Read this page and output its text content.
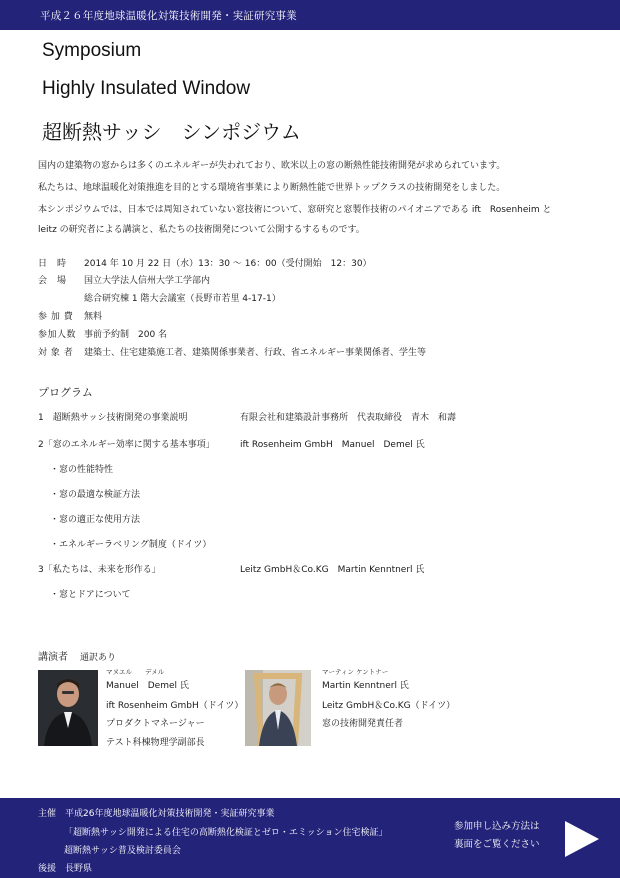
平成２６年度地球温暖化対策技術開発・実証研究事業
Symposium
Highly Insulated Window
超断熱サッシ　シンポジウム
国内の建築物の窓からは多くのエネルギーが失われており、欧米以上の窓の断熱性能技術開発が求められています。
私たちは、地球温暖化対策推進を目的とする環境省事業により断熱性能で世界トップクラスの技術開発をしました。
本シンポジウムでは、日本では周知されていない窓技術について、窓研究と窓製作技術のパイオニアである ift　Rosenheim と
leitz の研究者による講演と、私たちの技術開発について公開するするものです。
日　時 2014 年 10 月 22 日（水）13：30 〜 16：00（受付開始　12：30）
会　場 国立大学法人信州大学工学部内
総合研究棟 1 階大会議室（長野市若里 4-17-1）
参 加 費 無料
参加人数 事前予約制　200 名
対 象 者 建築士、住宅建築施工者、建築関係事業者、行政、省エネルギー事業関係者、学生等
プログラム
1　超断熱サッシ技術開発の事業説明	有限会社和建築設計事務所　代表取締役　青木　和壽
2「窓のエネルギー効率に関する基本事項」	ift Rosenheim GmbH　Manuel　Demel 氏
・窓の性能特性
・窓の最適な検証方法
・窓の適正な使用方法
・エネルギーラベリング制度（ドイツ）
3「私たちは、未来を形作る」	Leitz GmbH＆Co.KG　Martin Kenntnerl 氏
・窓とドアについて
講演者 通訳あり
マヌエル　　デメル
Manuel　Demel 氏
ift Rosenheim GmbH（ドイツ）
プロダクトマネージャー
テスト科棟物理学副部長
マーティン ケントナー
Martin Kenntnerl 氏
Leitz GmbH＆Co.KG（ドイツ）
窓の技術開発責任者
主催　 平成26年度地球温暖化対策技術開発・実証研究事業
「超断熱サッシ開発による住宅の高断熱化検証とゼロ・エミッション住宅検証」
超断熱サッシ普及検討委員会
後援　 長野県
参加申し込み方法は
裏面をご覧ください
